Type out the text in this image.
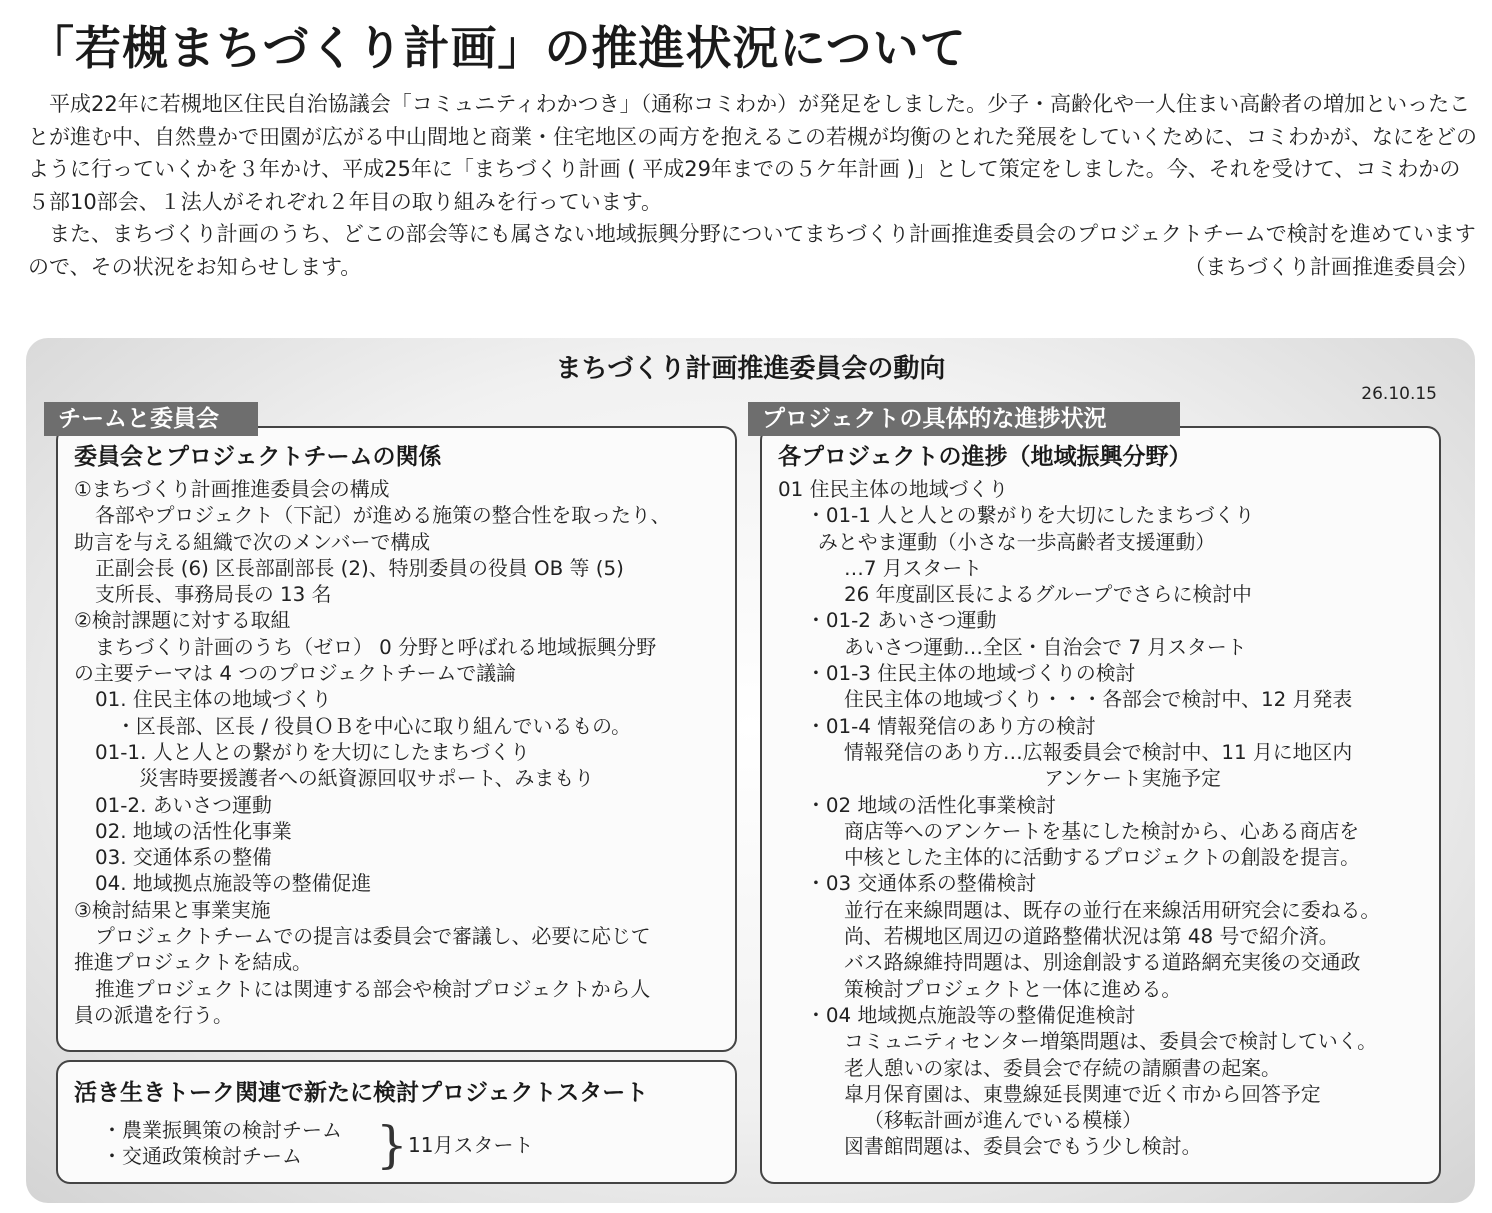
「若槻まちづくり計画」の推進状況について

平成22年に若槻地区住民自治協議会「コミュニティわかつき」（通称コミわか）が発足をしました。少子・高齢化や一人住まい高齢者の増加といったことが進む中、自然豊かで田園が広がる中山間地と商業・住宅地区の両方を抱えるこの若槻が均衡のとれた発展をしていくために、コミわかが、なにをどのように行っていくかを３年かけ、平成25年に「まちづくり計画 ( 平成29年までの５ケ年計画 )」として策定をしました。今、それを受けて、コミわかの５部10部会、１法人がそれぞれ２年目の取り組みを行っています。

また、まちづくり計画のうち、どこの部会等にも属さない地域振興分野についてまちづくり計画推進委員会のプロジェクトチームで検討を進めていますので、その状況をお知らせします。	（まちづくり計画推進委員会）

まちづくり計画推進委員会の動向
26.10.15
チームと委員会
委員会とプロジェクトチームの関係
①まちづくり計画推進委員会の構成
各部やプロジェクト（下記）が進める施策の整合性を取ったり、
助言を与える組織で次のメンバーで構成
正副会長 (6) 区長部副部長 (2)、特別委員の役員 OB 等 (5)
支所長、事務局長の 13 名
②検討課題に対する取組
まちづくり計画のうち（ゼロ） 0 分野と呼ばれる地域振興分野
の主要テーマは 4 つのプロジェクトチームで議論
01. 住民主体の地域づくり
・区長部、区長 / 役員ＯＢを中心に取り組んでいるもの。
01-1. 人と人との繋がりを大切にしたまちづくり
災害時要援護者への紙資源回収サポート、みまもり
01-2. あいさつ運動
02. 地域の活性化事業
03. 交通体系の整備
04. 地域拠点施設等の整備促進
③検討結果と事業実施
プロジェクトチームでの提言は委員会で審議し、必要に応じて
推進プロジェクトを結成。
推進プロジェクトには関連する部会や検討プロジェクトから人
員の派遣を行う。
活き生きトーク関連で新たに検討プロジェクトスタート
・農業振興策の検討チーム
・交通政策検討チーム	} 11月スタート
プロジェクトの具体的な進捗状況
各プロジェクトの進捗（地域振興分野）
01 住民主体の地域づくり
・01-1 人と人との繋がりを大切にしたまちづくり
みとやま運動（小さな一歩高齢者支援運動）
…7 月スタート
26 年度副区長によるグループでさらに検討中
・01-2 あいさつ運動
あいさつ運動…全区・自治会で 7 月スタート
・01-3 住民主体の地域づくりの検討
住民主体の地域づくり・・・各部会で検討中、12 月発表
・01-4 情報発信のあり方の検討
情報発信のあり方…広報委員会で検討中、11 月に地区内
アンケート実施予定
・02 地域の活性化事業検討
商店等へのアンケートを基にした検討から、心ある商店を
中核とした主体的に活動するプロジェクトの創設を提言。
・03 交通体系の整備検討
並行在来線問題は、既存の並行在来線活用研究会に委ねる。
尚、若槻地区周辺の道路整備状況は第 48 号で紹介済。
バス路線維持問題は、別途創設する道路網充実後の交通政
策検討プロジェクトと一体に進める。
・04 地域拠点施設等の整備促進検討
コミュニティセンター増築問題は、委員会で検討していく。
老人憩いの家は、委員会で存続の請願書の起案。
皐月保育園は、東豊線延長関連で近く市から回答予定
（移転計画が進んでいる模様）
図書館問題は、委員会でもう少し検討。
